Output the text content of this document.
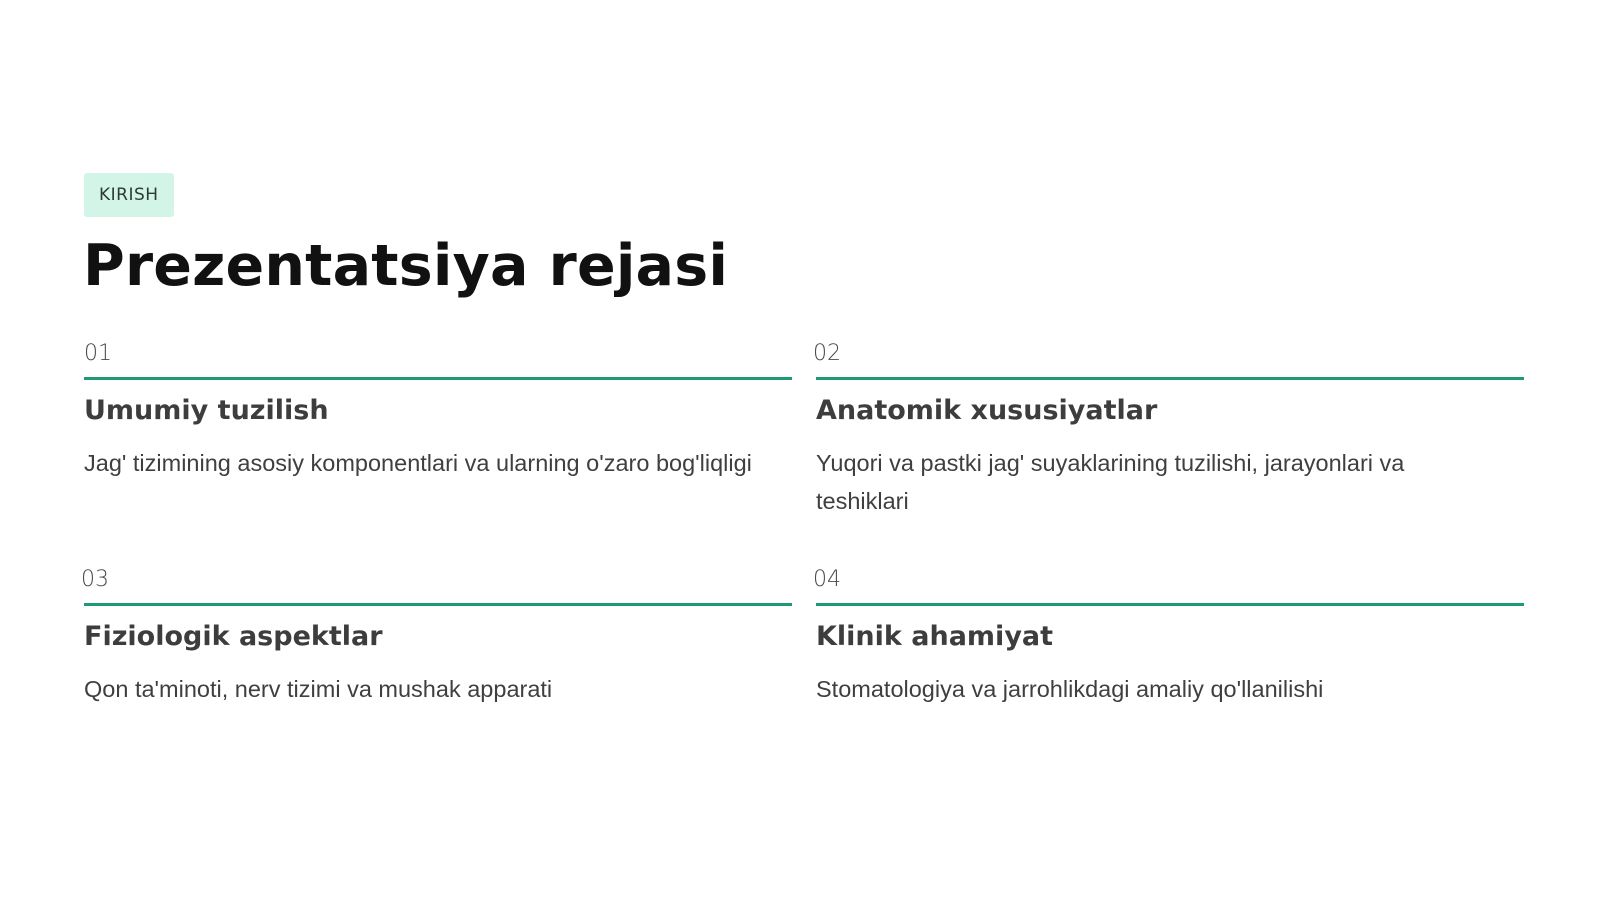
KIRISH
Prezentatsiya rejasi
01
Umumiy tuzilish
Jag' tizimining asosiy komponentlari va ularning o'zaro bog'liqligi
02
Anatomik xususiyatlar
Yuqori va pastki jag' suyaklarining tuzilishi, jarayonlari va teshiklari
03
Fiziologik aspektlar
Qon ta'minoti, nerv tizimi va mushak apparati
04
Klinik ahamiyat
Stomatologiya va jarrohlikdagi amaliy qo'llanilishi
